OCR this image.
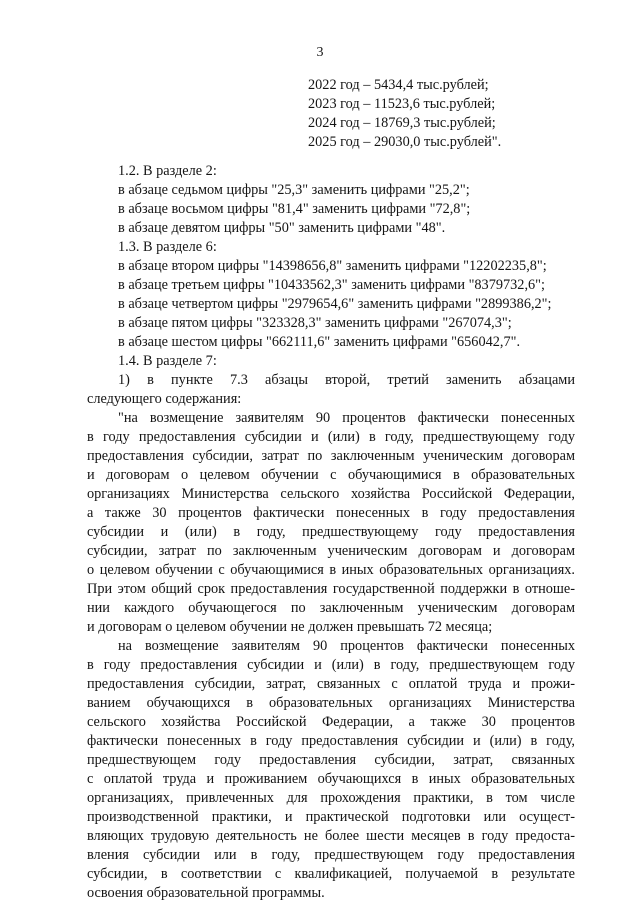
3
2022 год – 5434,4 тыс.рублей;
2023 год – 11523,6 тыс.рублей;
2024 год – 18769,3 тыс.рублей;
2025 год – 29030,0 тыс.рублей".
1.2. В разделе 2:
в абзаце седьмом цифры "25,3" заменить цифрами "25,2";
в абзаце восьмом цифры "81,4" заменить цифрами "72,8";
в абзаце девятом цифры "50" заменить цифрами "48".
1.3. В разделе 6:
в абзаце втором цифры "14398656,8" заменить цифрами "12202235,8";
в абзаце третьем цифры "10433562,3" заменить цифрами "8379732,6";
в абзаце четвертом цифры "2979654,6" заменить цифрами "2899386,2";
в абзаце пятом цифры "323328,3" заменить цифрами "267074,3";
в абзаце шестом цифры "662111,6" заменить цифрами "656042,7".
1.4. В разделе 7:
1) в пункте 7.3 абзацы второй, третий заменить абзацами
следующего содержания:
"на возмещение заявителям 90 процентов фактически понесенных
в году предоставления субсидии и (или) в году, предшествующему году
предоставления субсидии, затрат по заключенным ученическим договорам
и договорам о целевом обучении с обучающимися в образовательных
организациях Министерства сельского хозяйства Российской Федерации,
а также 30 процентов фактически понесенных в году предоставления
субсидии и (или) в году, предшествующему году предоставления
субсидии, затрат по заключенным ученическим договорам и договорам
о целевом обучении с обучающимися в иных образовательных организациях.
При этом общий срок предоставления государственной поддержки в отноше-
нии каждого обучающегося по заключенным ученическим договорам
и договорам о целевом обучении не должен превышать 72 месяца;
на возмещение заявителям 90 процентов фактически понесенных
в году предоставления субсидии и (или) в году, предшествующем году
предоставления субсидии, затрат, связанных с оплатой труда и прожи-
ванием обучающихся в образовательных организациях Министерства
сельского хозяйства Российской Федерации, а также 30 процентов
фактически понесенных в году предоставления субсидии и (или) в году,
предшествующем году предоставления субсидии, затрат, связанных
с оплатой труда и проживанием обучающихся в иных образовательных
организациях, привлеченных для прохождения практики, в том числе
производственной практики, и практической подготовки или осущест-
вляющих трудовую деятельность не более шести месяцев в году предоста-
вления субсидии или в году, предшествующем году предоставления
субсидии, в соответствии с квалификацией, получаемой в результате
освоения образовательной программы.
